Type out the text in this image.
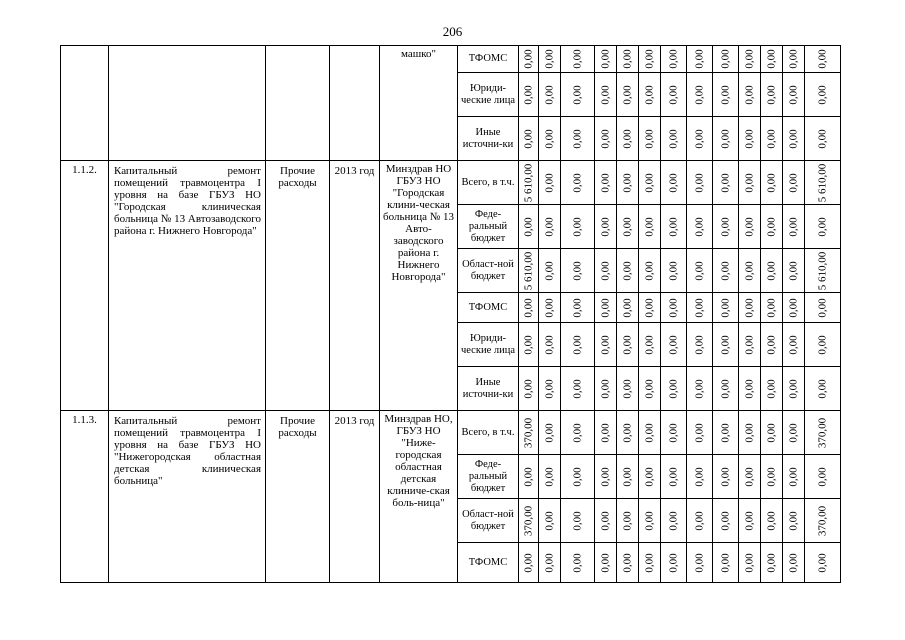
206
				машко"	ТФОМС	0,00	0,00	0,00	0,00	0,00	0,00	0,00	0,00	0,00	0,00	0,00	0,00	0,00

					Юриди-ческие лица	0,00	0,00	0,00	0,00	0,00	0,00	0,00	0,00	0,00	0,00	0,00	0,00	0,00

					Иные источни-ки	0,00	0,00	0,00	0,00	0,00	0,00	0,00	0,00	0,00	0,00	0,00	0,00	0,00

1.1.2.	Капитальный ремонт помещений травмоцентра I уровня на базе ГБУЗ НО "Городская клиническая больница № 13 Автозаводского района г. Нижнего Новгорода"	Прочие расходы	2013 год	Минздрав НО ГБУЗ НО "Городская клини-ческая больница № 13 Авто-заводского района г. Нижнего Новгорода"	Всего, в т.ч.	5 610,00	0,00	0,00	0,00	0,00	0,00	0,00	0,00	0,00	0,00	0,00	0,00	5 610,00

					Феде-ральный бюджет	0,00	0,00	0,00	0,00	0,00	0,00	0,00	0,00	0,00	0,00	0,00	0,00	0,00

					Област-ной бюджет	5 610,00	0,00	0,00	0,00	0,00	0,00	0,00	0,00	0,00	0,00	0,00	0,00	5 610,00

					ТФОМС	0,00	0,00	0,00	0,00	0,00	0,00	0,00	0,00	0,00	0,00	0,00	0,00	0,00

					Юриди-ческие лица	0,00	0,00	0,00	0,00	0,00	0,00	0,00	0,00	0,00	0,00	0,00	0,00	0,00

					Иные источни-ки	0,00	0,00	0,00	0,00	0,00	0,00	0,00	0,00	0,00	0,00	0,00	0,00	0,00

1.1.3.	Капитальный ремонт помещений травмоцентра I уровня на базе ГБУЗ НО "Нижегородская областная детская клиническая больница"	Прочие расходы	2013 год	Минздрав НО, ГБУЗ НО "Ниже-городская областная детская клиниче-ская боль-ница"	Всего, в т.ч.	370,00	0,00	0,00	0,00	0,00	0,00	0,00	0,00	0,00	0,00	0,00	0,00	370,00

					Феде-ральный бюджет	0,00	0,00	0,00	0,00	0,00	0,00	0,00	0,00	0,00	0,00	0,00	0,00	0,00

					Област-ной бюджет	370,00	0,00	0,00	0,00	0,00	0,00	0,00	0,00	0,00	0,00	0,00	0,00	370,00

					ТФОМС	0,00	0,00	0,00	0,00	0,00	0,00	0,00	0,00	0,00	0,00	0,00	0,00	0,00
